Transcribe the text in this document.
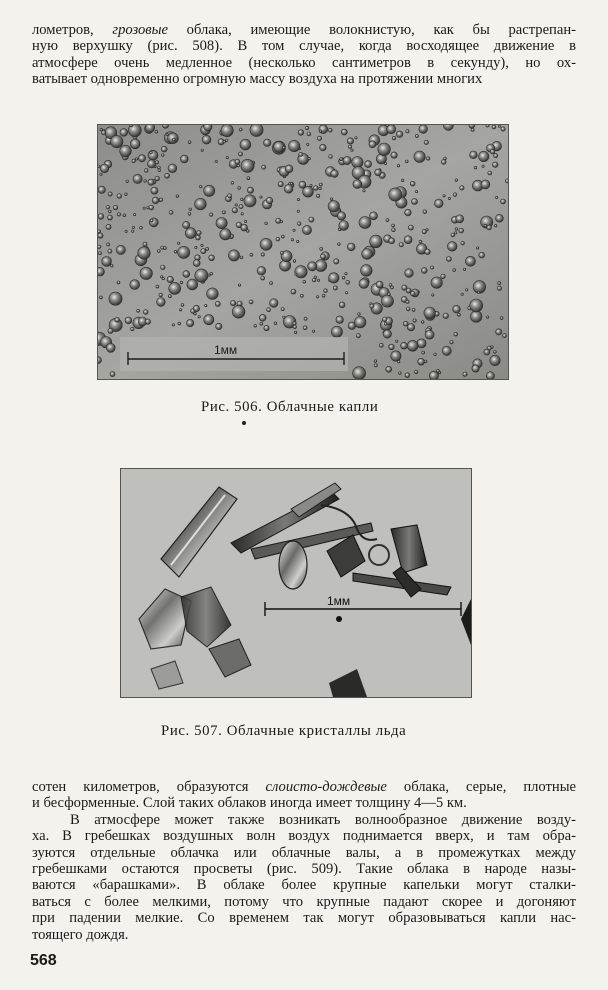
ломeтров, грозовые облака, имеющие волокнистую, как бы растрепан-
ную верхушку (рис. 508). В том случае, когда восходящее движение в
атмосфере очень медленное (несколько сантиметров в секунду), но ох-
ватывает одновременно огромную массу воздуха на протяжении многих
1мм
Рис. 506. Облачные капли
1мм
Рис. 507. Облачные кристаллы льда
сотен километров, образуются слоисто-дождевые облака, серые, плотные
и бесформенные. Слой таких облаков иногда имеет толщину 4—5 км.
В атмосфере может также возникать волнообразное движение возду-
ха. В гребешках воздушных волн воздух поднимается вверх, и там обра-
зуются отдельные облачка или облачные валы, а в промежутках между
гребешками остаются просветы (рис. 509). Такие облака в народе назы-
ваются «барашками». В облаке более крупные капельки могут сталки-
ваться с более мелкими, потому что крупные падают скорее и догоняют
при падении мелкие. Со временем так могут образовываться капли нас-
тоящего дождя.
568
